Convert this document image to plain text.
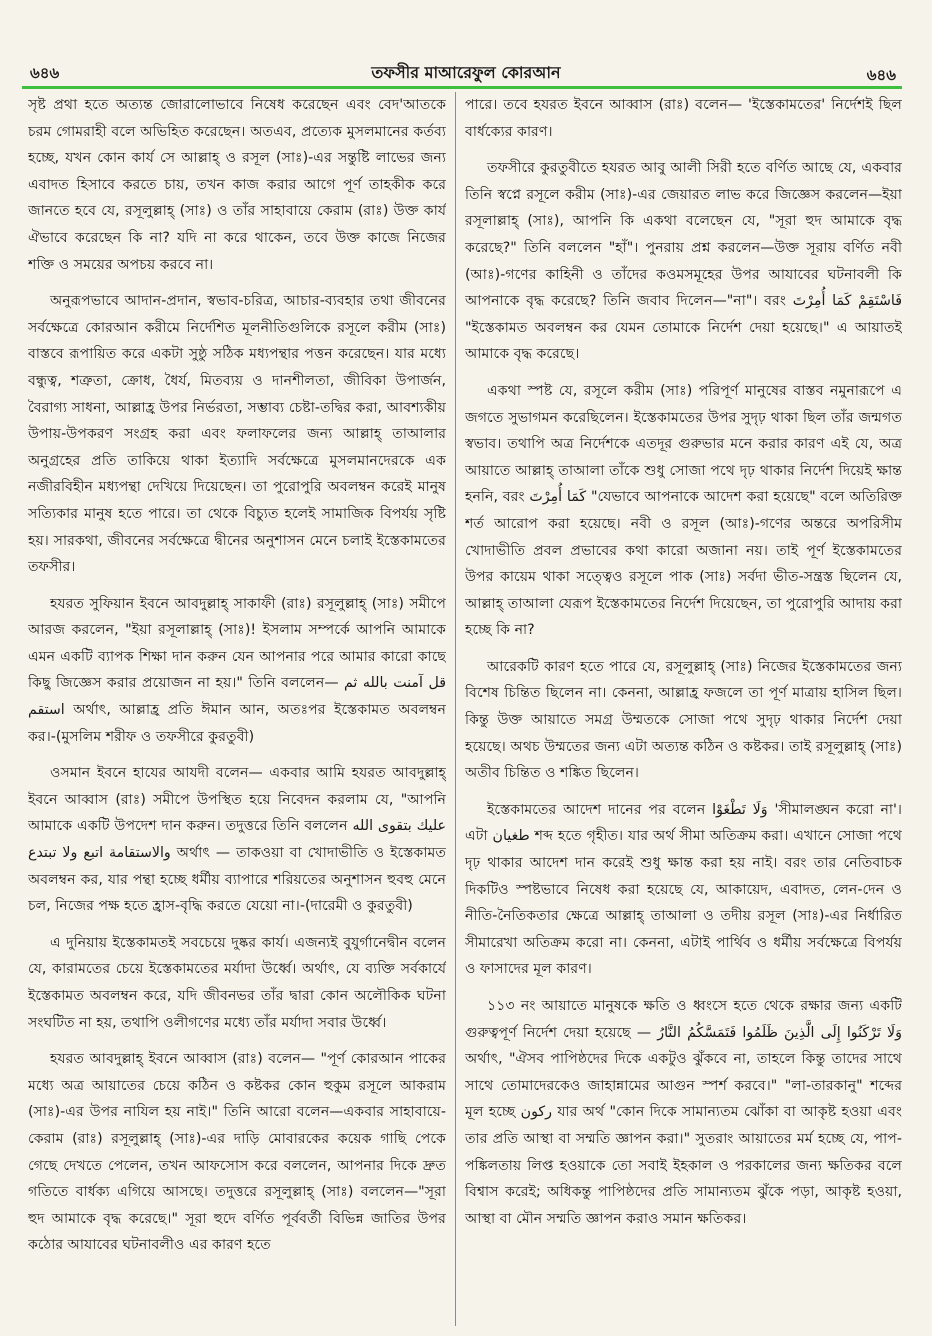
৬৪৬	তফসীর মাআরেফুল কোরআন	৬৪৬

সৃষ্ট প্রথা হতে অত্যন্ত জোরালোভাবে নিষেধ করেছেন এবং বেদ'আতকে চরম গোমরাহী বলে অভিহিত করেছেন। অতএব, প্রত্যেক মুসলমানের কর্তব্য হচ্ছে, যখন কোন কার্য সে আল্লাহ্ ও রসূল (সাঃ)-এর সন্তুষ্টি লাভের জন্য এবাদত হিসাবে করতে চায়, তখন কাজ করার আগে পূর্ণ তাহকীক করে জানতে হবে যে, রসূলুল্লাহ্ (সাঃ) ও তাঁর সাহাবায়ে কেরাম (রাঃ) উক্ত কার্য ঐভাবে করেছেন কি না? যদি না করে থাকেন, তবে উক্ত কাজে নিজের শক্তি ও সময়ের অপচয় করবে না।

অনুরূপভাবে আদান-প্রদান, স্বভাব-চরিত্র, আচার-ব্যবহার তথা জীবনের সর্বক্ষেত্রে কোরআন করীমে নির্দেশিত মূলনীতিগুলিকে রসূলে করীম (সাঃ) বাস্তবে রূপায়িত করে একটা সুষ্ঠু সঠিক মধ্যপন্থার পত্তন করেছেন। যার মধ্যে বন্ধুত্ব, শত্রুতা, ক্রোধ, ধৈর্য, মিতব্যয় ও দানশীলতা, জীবিকা উপার্জন, বৈরাগ্য সাধনা, আল্লাহ্র উপর নির্ভরতা, সম্ভাব্য চেষ্টা-তদ্বির করা, আবশ্যকীয় উপায়-উপকরণ সংগ্রহ করা এবং ফলাফলের জন্য আল্লাহ্ তাআলার অনুগ্রহের প্রতি তাকিয়ে থাকা ইত্যাদি সর্বক্ষেত্রে মুসলমানদেরকে এক নজীরবিহীন মধ্যপন্থা দেখিয়ে দিয়েছেন। তা পুরোপুরি অবলম্বন করেই মানুষ সত্যিকার মানুষ হতে পারে। তা থেকে বিচ্যুত হলেই সামাজিক বিপর্যয় সৃষ্টি হয়। সারকথা, জীবনের সর্বক্ষেত্রে দ্বীনের অনুশাসন মেনে চলাই ইস্তেকামতের তফসীর।

হযরত সুফিয়ান ইবনে আবদুল্লাহ্ সাকাফী (রাঃ) রসূলুল্লাহ্ (সাঃ) সমীপে আরজ করলেন, "ইয়া রসূলাল্লাহ্ (সাঃ)! ইসলাম সম্পর্কে আপনি আমাকে এমন একটি ব্যাপক শিক্ষা দান করুন যেন আপনার পরে আমার কারো কাছে কিছু জিজ্ঞেস করার প্রয়োজন না হয়।" তিনি বললেন— قل آمنت بالله ثم استقم অর্থাৎ, আল্লাহ্র প্রতি ঈমান আন, অতঃপর ইস্তেকামত অবলম্বন কর।-(মুসলিম শরীফ ও তফসীরে কুরতুবী)

ওসমান ইবনে হাযের আযদী বলেন— একবার আমি হযরত আবদুল্লাহ্ ইবনে আব্বাস (রাঃ) সমীপে উপস্থিত হয়ে নিবেদন করলাম যে, "আপনি আমাকে একটি উপদেশ দান করুন। তদুত্তরে তিনি বললেন عليك بتقوى الله والاستقامة اتبع ولا تبتدع অর্থাৎ — তাকওয়া বা খোদাভীতি ও ইস্তেকামত অবলম্বন কর, যার পন্থা হচ্ছে ধর্মীয় ব্যাপারে শরিয়তের অনুশাসন হুবহু মেনে চল, নিজের পক্ষ হতে হ্রাস-বৃদ্ধি করতে যেয়ো না।-(দারেমী ও কুরতুবী)

এ দুনিয়ায় ইস্তেকামতই সবচেয়ে দুষ্কর কার্য। এজন্যই বুযুর্গানেদ্বীন বলেন যে, কারামতের চেয়ে ইস্তেকামতের মর্যাদা উর্ধ্বে। অর্থাৎ, যে ব্যক্তি সর্বকার্যে ইস্তেকামত অবলম্বন করে, যদি জীবনভর তাঁর দ্বারা কোন অলৌকিক ঘটনা সংঘটিত না হয়, তথাপি ওলীগণের মধ্যে তাঁর মর্যাদা সবার উর্ধ্বে।

হযরত আবদুল্লাহ্ ইবনে আব্বাস (রাঃ) বলেন— "পূর্ণ কোরআন পাকের মধ্যে অত্র আয়াতের চেয়ে কঠিন ও কষ্টকর কোন হুকুম রসূলে আকরাম (সাঃ)-এর উপর নাযিল হয় নাই।" তিনি আরো বলেন—একবার সাহাবায়ে-কেরাম (রাঃ) রসূলুল্লাহ্ (সাঃ)-এর দাড়ি মোবারকের কয়েক গাছি পেকে গেছে দেখতে পেলেন, তখন আফসোস করে বললেন, আপনার দিকে দ্রুত গতিতে বার্ধক্য এগিয়ে আসছে। তদুত্তরে রসূলুল্লাহ্ (সাঃ) বললেন—"সূরা হুদ আমাকে বৃদ্ধ করেছে।" সূরা হুদে বর্ণিত পূর্ববর্তী বিভিন্ন জাতির উপর কঠোর আযাবের ঘটনাবলীও এর কারণ হতে

পারে। তবে হযরত ইবনে আব্বাস (রাঃ) বলেন— 'ইস্তেকামতের' নির্দেশই ছিল বার্ধক্যের কারণ।

তফসীরে কুরতুবীতে হযরত আবু আলী সিরী হতে বর্ণিত আছে যে, একবার তিনি স্বপ্নে রসূলে করীম (সাঃ)-এর জেয়ারত লাভ করে জিজ্ঞেস করলেন—ইয়া রসূলাল্লাহ্ (সাঃ), আপনি কি একথা বলেছেন যে, "সূরা হুদ আমাকে বৃদ্ধ করেছে?" তিনি বললেন "হাঁ"। পুনরায় প্রশ্ন করলেন—উক্ত সূরায় বর্ণিত নবী (আঃ)-গণের কাহিনী ও তাঁদের কওমসমূহের উপর আযাবের ঘটনাবলী কি আপনাকে বৃদ্ধ করেছে? তিনি জবাব দিলেন—"না"। বরং فَاسْتَقِمْ كَمَا أُمِرْتَ "ইস্তেকামত অবলম্বন কর যেমন তোমাকে নির্দেশ দেয়া হয়েছে।" এ আয়াতই আমাকে বৃদ্ধ করেছে।

একথা স্পষ্ট যে, রসূলে করীম (সাঃ) পরিপূর্ণ মানুষের বাস্তব নমুনারূপে এ জগতে সুভাগমন করেছিলেন। ইস্তেকামতের উপর সুদৃঢ় থাকা ছিল তাঁর জন্মগত স্বভাব। তথাপি অত্র নির্দেশকে এতদূর গুরুভার মনে করার কারণ এই যে, অত্র আয়াতে আল্লাহ্ তাআলা তাঁকে শুধু সোজা পথে দৃঢ় থাকার নির্দেশ দিয়েই ক্ষান্ত হননি, বরং كَمَا أُمِرْتَ "যেভাবে আপনাকে আদেশ করা হয়েছে" বলে অতিরিক্ত শর্ত আরোপ করা হয়েছে। নবী ও রসূল (আঃ)-গণের অন্তরে অপরিসীম খোদাভীতি প্রবল প্রভাবের কথা কারো অজানা নয়। তাই পূর্ণ ইস্তেকামতের উপর কায়েম থাকা সত্ত্বেও রসূলে পাক (সাঃ) সর্বদা ভীত-সন্ত্রস্ত ছিলেন যে, আল্লাহ্ তাআলা যেরূপ ইস্তেকামতের নির্দেশ দিয়েছেন, তা পুরোপুরি আদায় করা হচ্ছে কি না?

আরেকটি কারণ হতে পারে যে, রসূলুল্লাহ্ (সাঃ) নিজের ইস্তেকামতের জন্য বিশেষ চিন্তিত ছিলেন না। কেননা, আল্লাহ্র ফজলে তা পূর্ণ মাত্রায় হাসিল ছিল। কিন্তু উক্ত আয়াতে সমগ্র উম্মতকে সোজা পথে সুদৃঢ় থাকার নির্দেশ দেয়া হয়েছে। অথচ উম্মতের জন্য এটা অত্যন্ত কঠিন ও কষ্টকর। তাই রসূলুল্লাহ্ (সাঃ) অতীব চিন্তিত ও শঙ্কিত ছিলেন।

ইস্তেকামতের আদেশ দানের পর বলেন وَلَا تَطْغَوْا 'সীমালঙ্ঘন করো না'। এটা طغيان শব্দ হতে গৃহীত। যার অর্থ সীমা অতিক্রম করা। এখানে সোজা পথে দৃঢ় থাকার আদেশ দান করেই শুধু ক্ষান্ত করা হয় নাই। বরং তার নেতিবাচক দিকটিও স্পষ্টভাবে নিষেধ করা হয়েছে যে, আকায়েদ, এবাদত, লেন-দেন ও নীতি-নৈতিকতার ক্ষেত্রে আল্লাহ্ তাআলা ও তদীয় রসূল (সাঃ)-এর নির্ধারিত সীমারেখা অতিক্রম করো না। কেননা, এটাই পার্থিব ও ধর্মীয় সর্বক্ষেত্রে বিপর্যয় ও ফাসাদের মূল কারণ।

১১৩ নং আয়াতে মানুষকে ক্ষতি ও ধ্বংসে হতে থেকে রক্ষার জন্য একটি গুরুত্বপূর্ণ নির্দেশ দেয়া হয়েছে — وَلَا تَرْكَنُوا إِلَى الَّذِينَ ظَلَمُوا فَتَمَسَّكُمُ النَّارُ অর্থাৎ, "ঐসব পাপিষ্ঠদের দিকে একটুও ঝুঁকবে না, তাহলে কিন্তু তাদের সাথে সাথে তোমাদেরকেও জাহান্নামের আগুন স্পর্শ করবে।" "লা-তারকানু" শব্দের মূল হচ্ছে ركون যার অর্থ "কোন দিকে সামান্যতম ঝোঁকা বা আকৃষ্ট হওয়া এবং তার প্রতি আস্থা বা সম্মতি জ্ঞাপন করা।" সুতরাং আয়াতের মর্ম হচ্ছে যে, পাপ-পঙ্কিলতায় লিপ্ত হওয়াকে তো সবাই ইহকাল ও পরকালের জন্য ক্ষতিকর বলে বিশ্বাস করেই; অধিকন্তু পাপিষ্ঠদের প্রতি সামান্যতম ঝুঁকে পড়া, আকৃষ্ট হওয়া, আস্থা বা মৌন সম্মতি জ্ঞাপন করাও সমান ক্ষতিকর।
